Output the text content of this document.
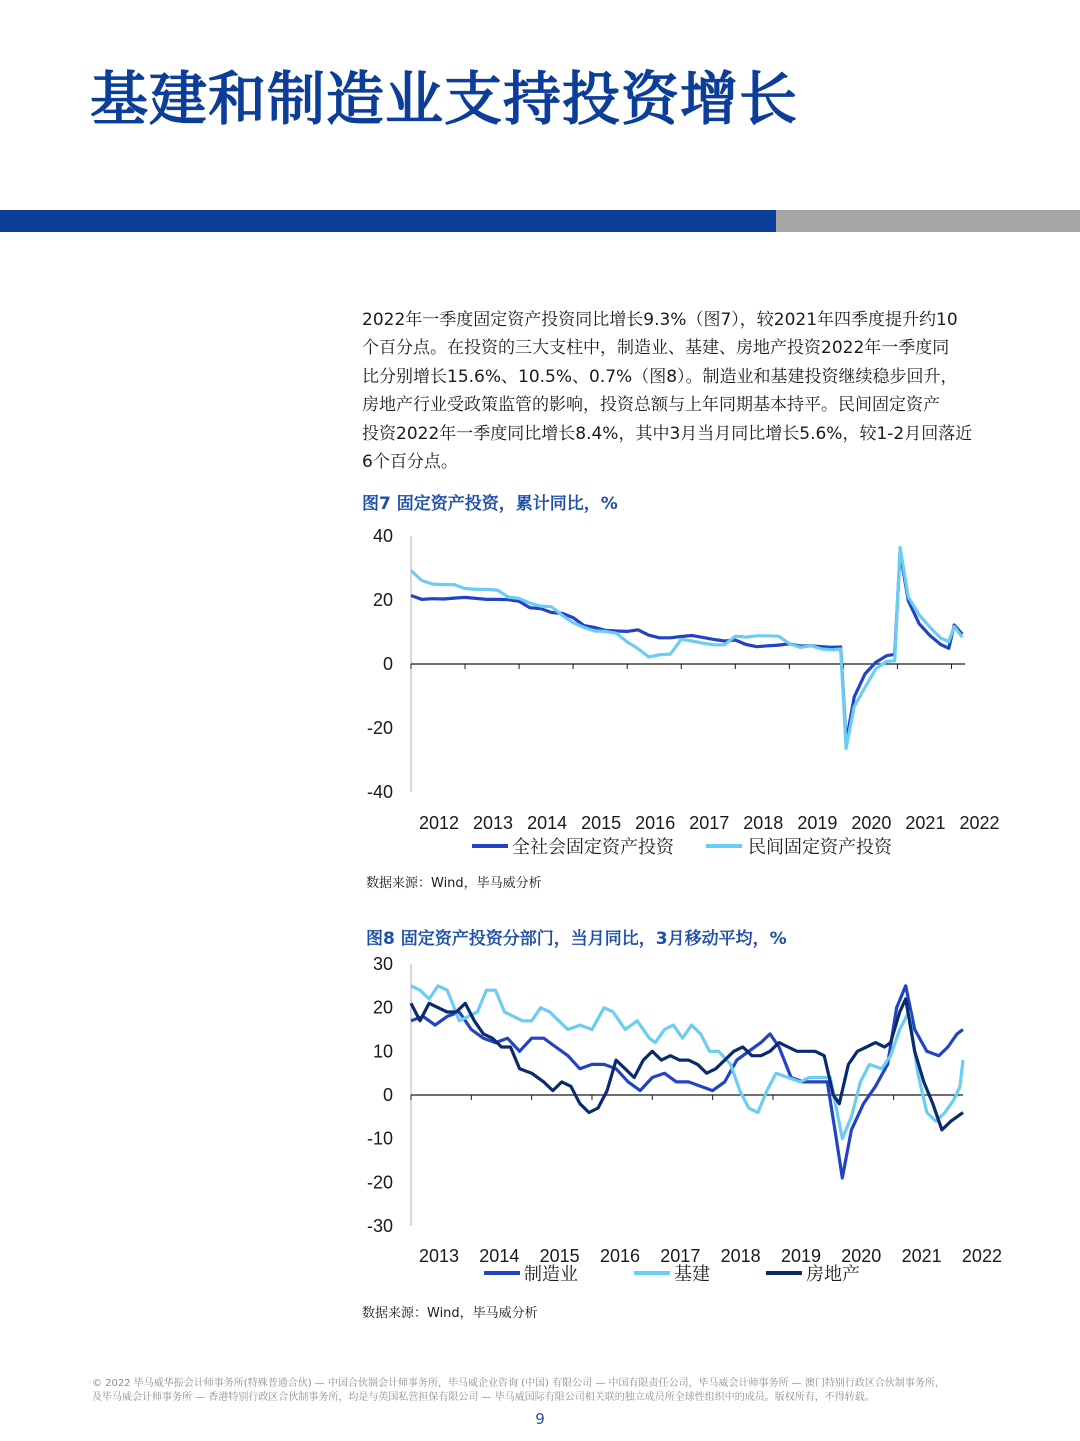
基建和制造业支持投资增长
2022年一季度固定资产投资同比增长9.3%（图7），较2021年四季度提升约10
个百分点。在投资的三大支柱中，制造业、基建、房地产投资2022年一季度同
比分别增长15.6%、10.5%、0.7%（图8）。制造业和基建投资继续稳步回升，
房地产行业受政策监管的影响，投资总额与上年同期基本持平。民间固定资产
投资2022年一季度同比增长8.4%，其中3月当月同比增长5.6%，较1-2月回落近
6个百分点。
图7 固定资产投资，累计同比，%
图8 固定资产投资分部门，当月同比，3月移动平均，%
40
20
0
-20
-40
2012 2013 2014 2015 2016 2017 2018 2019 2020 2021 2022
全社会固定资产投资	民间固定资产投资
30
20
10
0
-10
-20
-30
2013 2014 2015 2016 2017 2018 2019 2020 2021 2022
制造业	基建	房地产
数据来源：Wind，毕马威分析
数据来源：Wind，毕马威分析
© 2022 毕马威华振会计师事务所(特殊普通合伙) — 中国合伙制会计师事务所，毕马威企业咨询 (中国) 有限公司 — 中国有限责任公司，毕马威会计师事务所 — 澳门特别行政区合伙制事务所，
及毕马威会计师事务所 — 香港特别行政区合伙制事务所，均是与英国私营担保有限公司 — 毕马威国际有限公司相关联的独立成员所全球性组织中的成员。版权所有，不得转载。
9
